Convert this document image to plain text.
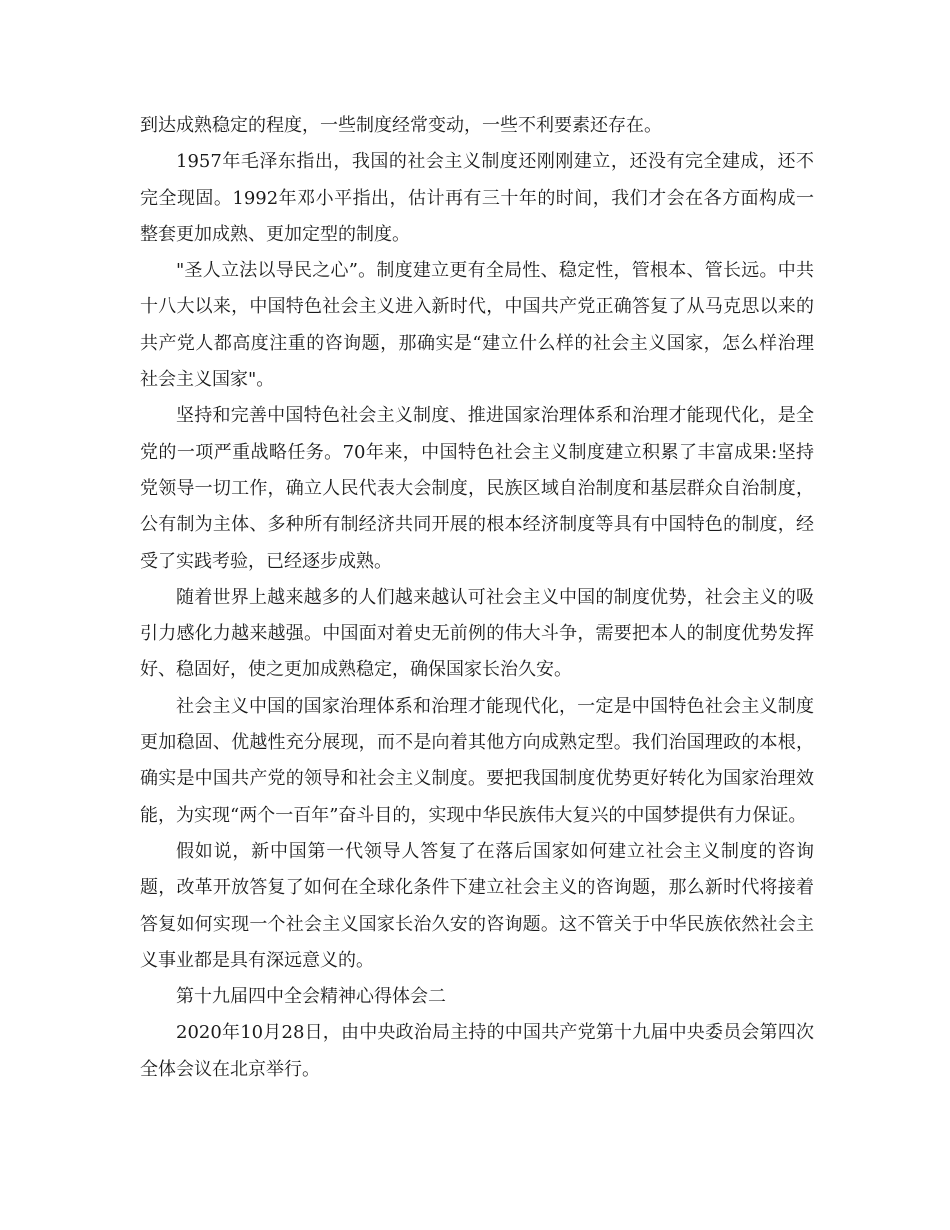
到达成熟稳定的程度，一些制度经常变动，一些不利要素还存在。

1957年毛泽东指出，我国的社会主义制度还刚刚建立，还没有完全建成，还不完全现固。1992年邓小平指出，估计再有三十年的时间，我们才会在各方面构成一整套更加成熟、更加定型的制度。

"圣人立法以导民之心”。制度建立更有全局性、稳定性，管根本、管长远。中共十八大以来，中国特色社会主义进入新时代，中国共产党正确答复了从马克思以来的共产党人都高度注重的咨询题，那确实是“建立什么样的社会主义国家，怎么样治理社会主义国家"。

坚持和完善中国特色社会主义制度、推进国家治理体系和治理才能现代化，是全党的一项严重战略任务。70年来，中国特色社会主义制度建立积累了丰富成果:坚持党领导一切工作，确立人民代表大会制度，民族区域自治制度和基层群众自治制度，公有制为主体、多种所有制经济共同开展的根本经济制度等具有中国特色的制度，经受了实践考验，已经逐步成熟。

随着世界上越来越多的人们越来越认可社会主义中国的制度优势，社会主义的吸引力感化力越来越强。中国面对着史无前例的伟大斗争，需要把本人的制度优势发挥好、稳固好，使之更加成熟稳定，确保国家长治久安。

社会主义中国的国家治理体系和治理才能现代化，一定是中国特色社会主义制度更加稳固、优越性充分展现，而不是向着其他方向成熟定型。我们治国理政的本根，确实是中国共产党的领导和社会主义制度。要把我国制度优势更好转化为国家治理效能，为实现“两个一百年”奋斗目的，实现中华民族伟大复兴的中国梦提供有力保证。

假如说，新中国第一代领导人答复了在落后国家如何建立社会主义制度的咨询题，改革开放答复了如何在全球化条件下建立社会主义的咨询题，那么新时代将接着答复如何实现一个社会主义国家长治久安的咨询题。这不管关于中华民族依然社会主义事业都是具有深远意义的。

第十九届四中全会精神心得体会二

2020年10月28日，由中央政治局主持的中国共产党第十九届中央委员会第四次全体会议在北京举行。
